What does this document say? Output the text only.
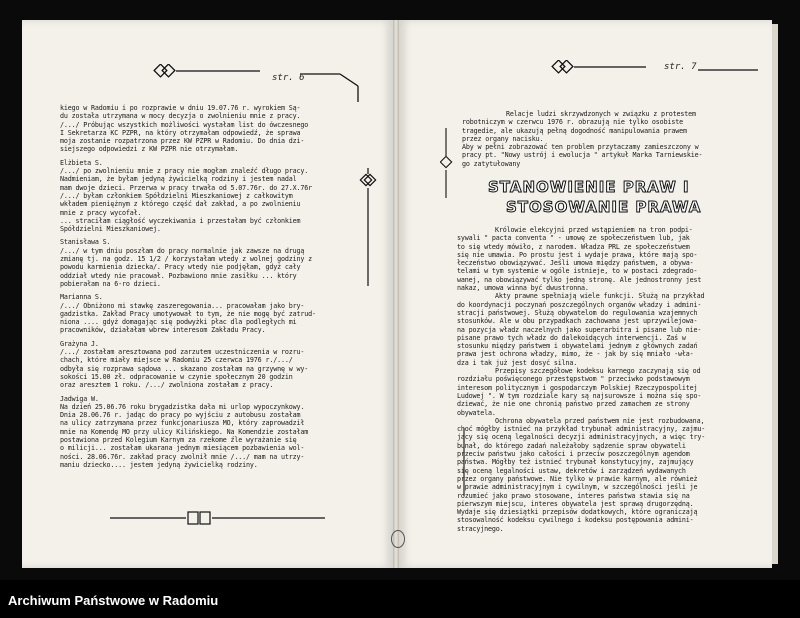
str. 6

kiego w Radomiu i po rozprawie w dniu 19.07.76 r. wyrokiem Są-

du została utrzymana w mocy decyzja o zwolnieniu mnie z pracy.

/.../ Próbując wszystkich możliwości wystałam list do ówczesnego

I Sekretarza KC PZPR, na który otrzymałam odpowiedź, że sprawa

moja zostanie rozpatrzona przez KW PZPR w Radomiu. Do dnia dzi-

siejszego odpowiedzi z KW PZPR nie otrzymałam.

Elżbieta S.

/.../ po zwolnieniu mnie z pracy nie mogłam znaleźć długo pracy.

Nadmieniam, że byłam jedyną żywicielką rodziny i jestem nadal

mam dwoje dzieci. Przerwa w pracy trwała od 5.07.76r. do 27.X.76r

/.../ byłam członkiem Spółdzielni Mieszkaniowej z całkowitym

wkładem pieniężnym z którego część dał zakład, a po zwolnieniu

mnie z pracy wycofał.

... straciłam ciągłość wyczekiwania i przestałam być członkiem

Spółdzielni Mieszkaniowej.

Stanisława S.

/.../ w tym dniu poszłam do pracy normalnie jak zawsze na drugą

zmianę tj. na godz. 15 1/2 / korzystałam wtedy z wolnej godziny z

powodu karmienia dziecka/. Pracy wtedy nie podjęłam, gdyż cały

oddział wtedy nie pracował. Pozbawiono mnie zasiłku ... który

pobierałam na 6-ro dzieci.

Marianna S.

/.../ Obniżono mi stawkę zaszeregowania... pracowałam jako bry-

gadzistka. Zakład Pracy umotywował to tym, że nie mogę być zatrud-

niona .... gdyż domagając się podwyżki płac dla podległych mi

pracowników, działałam wbrew interesom Zakładu Pracy.

Grażyna J.

/.../ zostałam aresztowana pod zarzutem uczestniczenia w rozru-

chach, które miały miejsce w Radomiu 25 czerwca 1976 r./.../

odbyła się rozprawa sądowa ... skazano zostałam na grzywnę w wy-

sokości 15.00 zł. odpracowanie w czynie społecznym 20 godzin

oraz aresztem 1 roku. /.../ zwolniona zostałam z pracy.

Jadwiga W.

Na dzień 25.06.76 roku brygadzistka dała mi urlop wypoczynkowy.

Dnia 28.06.76 r. jadąc do pracy po wyjściu z autobusu zostałam

na ulicy zatrzymana przez funkcjonariusza MO, który zaprowadził

mnie na Komendę MO przy ulicy Kilińskiego. Na Komendzie zostałam

postawiona przed Kolegium Karnym za rzekome źle wyrażanie się

o milicji... zostałam ukarana jednym miesiącem pozbawienia wol-

ności. 28.06.76r. zakład pracy zwolnił mnie /.../ mam na utrzy-

maniu dziecko.... jestem jedyną żywicielką rodziny.

str. 7

Relacje ludzi skrzywdzonych w związku z protestem

robotniczym w czerwcu 1976 r. obrazują nie tylko osobiste

tragedie, ale ukazują pełną dogodność manipulowania prawem

przez organy nacisku.

Aby w pełni zobrazować ten problem przytaczamy zamieszczony w

pracy pt. "Nowy ustrój i ewolucja " artykuł Marka Tarniewskie-

go zatytułowany

STANOWIENIE PRAW I
STOSOWANIE PRAWA

Królowie elekcyjni przed wstąpieniem na tron podpi-

sywali " pacta conventa " - umowę ze społeczeństwem lub, jak

to się wtedy mówiło, z narodem. Władza PRL ze społeczeństwem

się nie umawia. Po prostu jest i wydaje prawa, które mają spo-

łeczeństwo obowiązywać. Jeśli umowa między państwem, a obywa-

telami w tym systemie w ogóle istnieje, to w postaci zdegrado-

wanej, na obowiązywać tylko jedną stronę. Ale jednostronny jest

nakaz, umowa winna być dwustronna.

Akty prawne spełniają wiele funkcji. Służą na przykład

do koordynacji poczynań poszczególnych organów władzy i admini-

stracji państwowej. Służą obywatelom do regulowania wzajemnych

stosunków. Ale w obu przypadkach zachowana jest uprzywilejowa-

na pozycja władz naczelnych jako superarbitra i pisane lub nie-

pisane prawo tych władz do dalekoidących interwencji. Zaś w

stosunku między państwem i obywatelami jednym z głównych zadań

prawa jest ochrona władzy, mimo, że - jak by się mniało -wła-

dza i tak już jest dosyć silna.

Przepisy szczegółowe kodeksu karnego zaczynają się od

rozdziału poświęconego przestępstwom " przeciwko podstawowym

interesom politycznym i gospodarczym Polskiej Rzeczypospolitej

Ludowej ". W tym rozdziale kary są najsurowsze i można się spo-

dziewać, że nie one chronią państwo przed zamachem ze strony

obywatela.

Ochrona obywatela przed państwem nie jest rozbudowana,

choć mógłby istnieć na przykład trybunał administracyjny, zajmu-

jący się oceną legalności decyzji administracyjnych, a więc try-

bunał, do którego zadań należałoby sądzenie spraw obywateli

przeciw państwu jako całości i przeciw poszczególnym agendom

państwa. Mógłby też istnieć trybunał konstytucyjny, zajmujący

się oceną legalności ustaw, dekretów i zarządzeń wydawanych

przez organy państwowe. Nie tylko w prawie karnym, ale również

w prawie administracyjnym i cywilnym, w szczególności jeśli je

rozumieć jako prawo stosowane, interes państwa stawia się na

pierwszym miejscu, interes obywatela jest sprawą drugorzędną.

Wydaje się dziesiątki przepisów dodatkowych, które ograniczają

stosowalność kodeksu cywilnego i kodeksu postępowania admini-

stracyjnego.

Archiwum Państwowe w Radomiu
